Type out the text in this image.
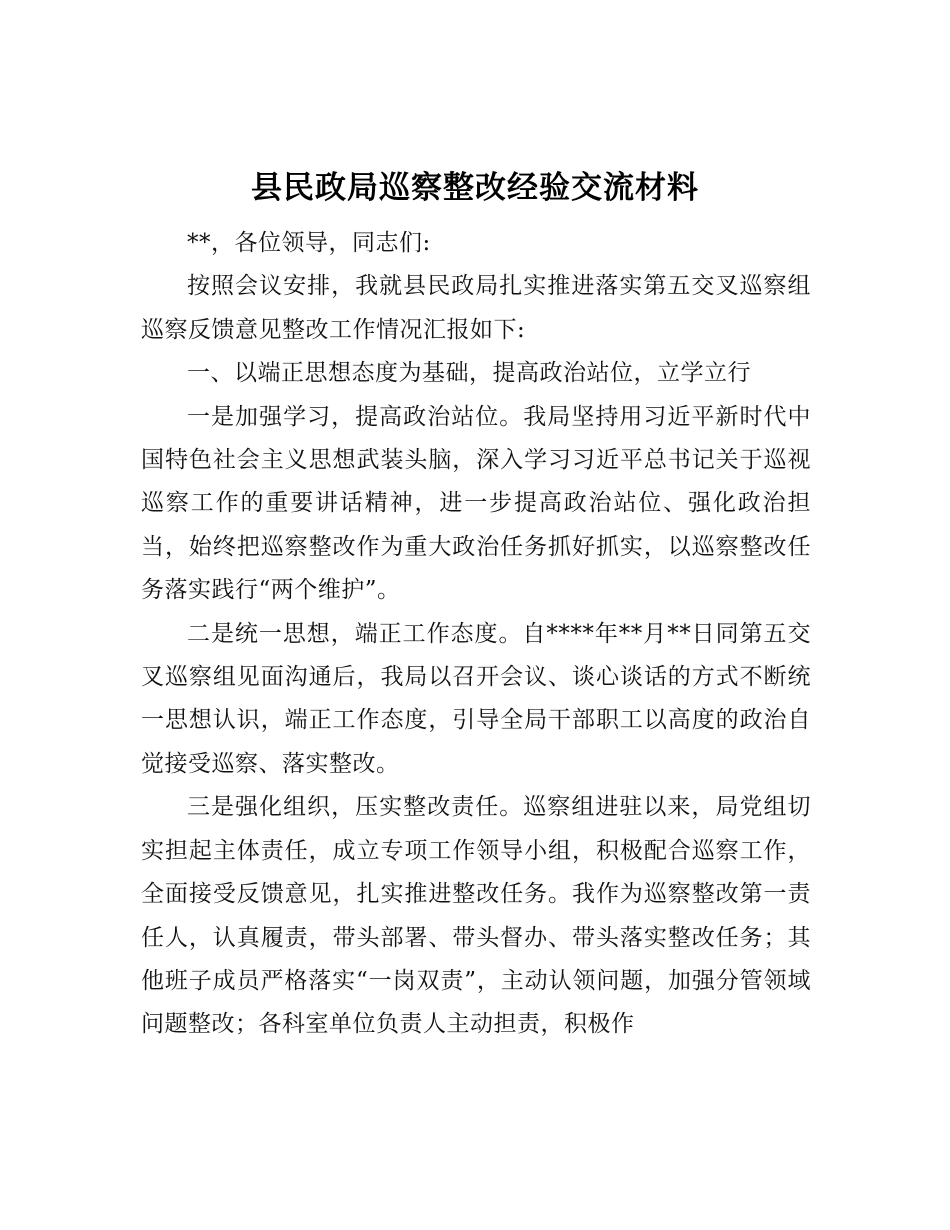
县民政局巡察整改经验交流材料

**，各位领导，同志们:

按照会议安排，我就县民政局扎实推进落实第五交叉巡察组巡察反馈意见整改工作情况汇报如下:

一、以端正思想态度为基础，提高政治站位，立学立行

一是加强学习，提高政治站位。我局坚持用习近平新时代中国特色社会主义思想武装头脑，深入学习习近平总书记关于巡视巡察工作的重要讲话精神，进一步提高政治站位、强化政治担当，始终把巡察整改作为重大政治任务抓好抓实，以巡察整改任务落实践行“两个维护”。

二是统一思想，端正工作态度。自****年**月**日同第五交叉巡察组见面沟通后，我局以召开会议、谈心谈话的方式不断统一思想认识，端正工作态度，引导全局干部职工以高度的政治自觉接受巡察、落实整改。

三是强化组织，压实整改责任。巡察组进驻以来，局党组切实担起主体责任，成立专项工作领导小组，积极配合巡察工作，全面接受反馈意见，扎实推进整改任务。我作为巡察整改第一责任人，认真履责，带头部署、带头督办、带头落实整改任务；其他班子成员严格落实“一岗双责”，主动认领问题，加强分管领域问题整改；各科室单位负责人主动担责，积极作
